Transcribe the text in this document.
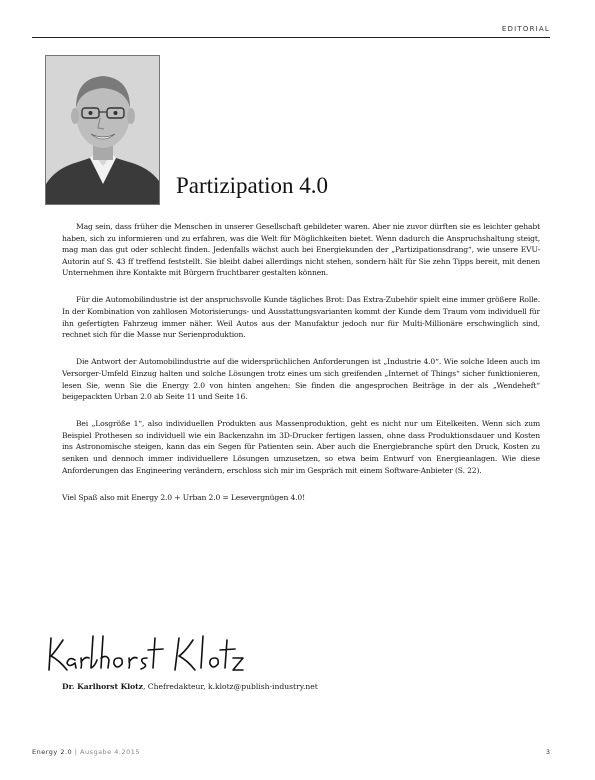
EDITORIAL
Partizipation 4.0

Mag sein, dass früher die Menschen in unserer Gesellschaft gebildeter waren. Aber nie zuvor dürften sie es leichter gehabt haben, sich zu informieren und zu erfahren, was die Welt für Möglichkeiten bietet. Wenn dadurch die Anspruchshaltung steigt, mag man das gut oder schlecht finden. Jedenfalls wächst auch bei Energiekunden der „Partizipationsdrang“, wie unsere EVU-Autorin auf S. 43 ff treffend feststellt. Sie bleibt dabei allerdings nicht stehen, sondern hält für Sie zehn Tipps bereit, mit denen Unternehmen ihre Kontakte mit Bürgern fruchtbarer gestalten können.

Für die Automobilindustrie ist der anspruchsvolle Kunde tägliches Brot: Das Extra-Zubehör spielt eine immer größere Rolle. In der Kombination von zahllosen Motorisierungs- und Ausstattungsvarianten kommt der Kunde dem Traum vom individuell für ihn gefertigten Fahrzeug immer näher. Weil Autos aus der Manufaktur jedoch nur für Multi-Millionäre erschwinglich sind, rechnet sich für die Masse nur Serienproduktion.

Die Antwort der Automobilindustrie auf die widersprüchlichen Anforderungen ist „Industrie 4.0“. Wie solche Ideen auch im Versorger-Umfeld Einzug halten und solche Lösungen trotz eines um sich greifenden „Internet of Things“ sicher funktionieren, lesen Sie, wenn Sie die Energy 2.0 von hinten angehen: Sie finden die angesprochen Beiträge in der als „Wendeheft“ beigepackten Urban 2.0 ab Seite 11 und Seite 16.

Bei „Losgröße 1“, also individuellen Produkten aus Massenproduktion, geht es nicht nur um Eitelkeiten. Wenn sich zum Beispiel Prothesen so individuell wie ein Backenzahn im 3D-Drucker fertigen lassen, ohne dass Produktionsdauer und Kosten ins Astronomische steigen, kann das ein Segen für Patienten sein. Aber auch die Energiebranche spürt den Druck, Kosten zu senken und dennoch immer individuellere Lösungen umzusetzen, so etwa beim Entwurf von Energieanlagen. Wie diese Anforderungen das Engineering verändern, erschloss sich mir im Gespräch mit einem Software-Anbieter (S. 22).

Viel Spaß also mit Energy 2.0 + Urban 2.0 = Lesevergnügen 4.0!

Dr. Karlhorst Klotz, Chefredakteur, k.klotz@publish-industry.net
Energy 2.0 | Ausgabe 4.2015	3
